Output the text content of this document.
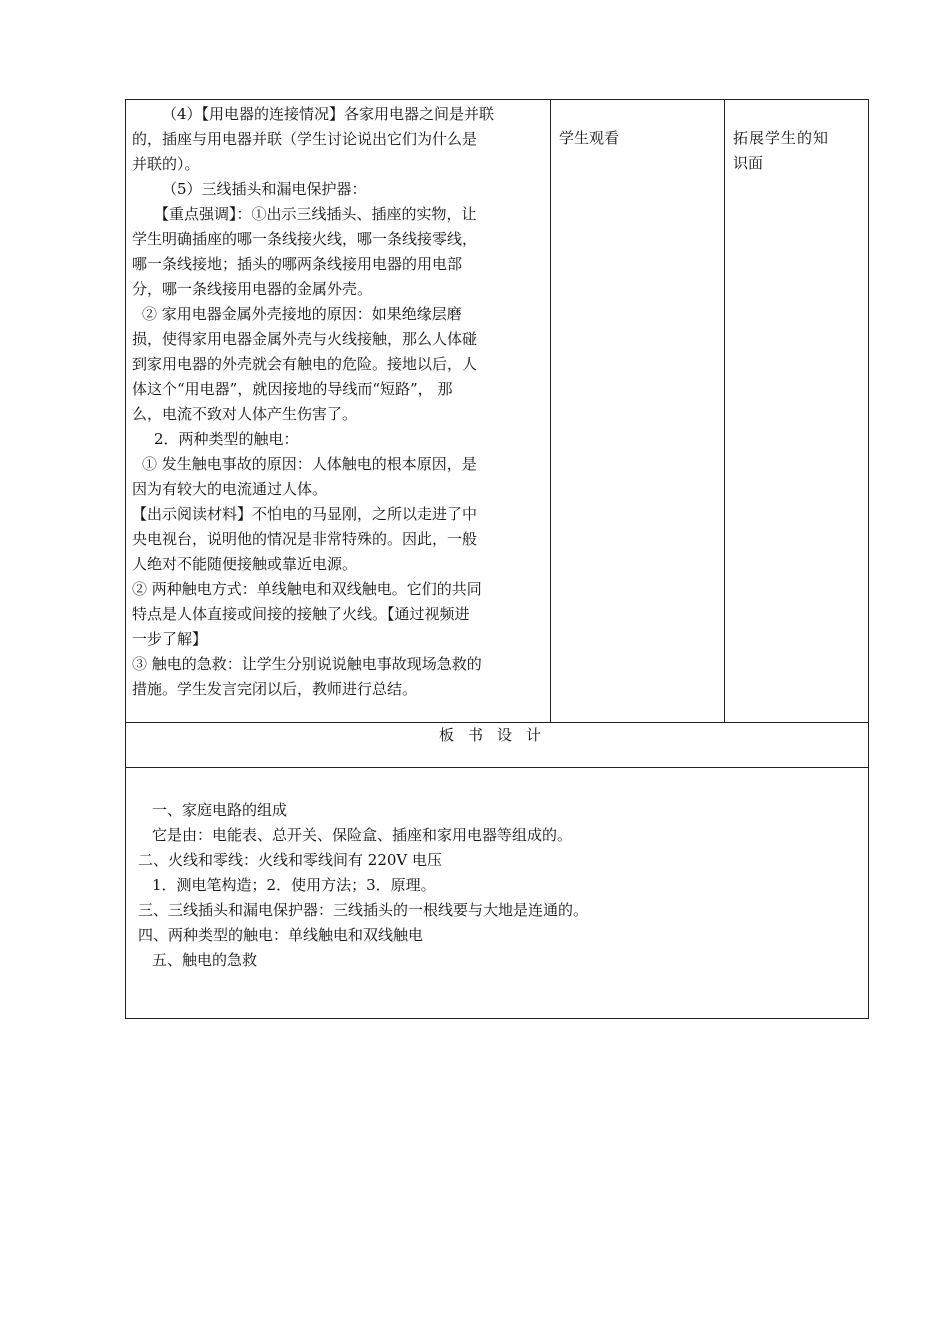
（4）【用电器的连接情况】各家用电器之间是并联
的，插座与用电器并联（学生讨论说出它们为什么是
并联的）。
（5）三线插头和漏电保护器：
【重点强调】：①出示三线插头、插座的实物，让
学生明确插座的哪一条线接火线，哪一条线接零线，
哪一条线接地；插头的哪两条线接用电器的用电部
分，哪一条线接用电器的金属外壳。
② 家用电器金属外壳接地的原因：如果绝缘层磨
损，使得家用电器金属外壳与火线接触，那么人体碰
到家用电器的外壳就会有触电的危险。接地以后，人
体这个“用电器”，就因接地的导线而“短路”， 那
么，电流不致对人体产生伤害了。
2．两种类型的触电：
① 发生触电事故的原因：人体触电的根本原因，是
因为有较大的电流通过人体。
【出示阅读材料】不怕电的马显刚，之所以走进了中
央电视台，说明他的情况是非常特殊的。因此，一般
人绝对不能随便接触或靠近电源。
② 两种触电方式：单线触电和双线触电。它们的共同
特点是人体直接或间接的接触了火线。【通过视频进
一步了解】
③ 触电的急救：让学生分别说说触电事故现场急救的
措施。学生发言完闭以后，教师进行总结。

学生观看	拓展学生的知
识面

板书设计

一、家庭电路的组成
它是由：电能表、总开关、保险盒、插座和家用电器等组成的。
二、火线和零线：火线和零线间有 220V 电压
1．测电笔构造；2．使用方法；3．原理。
三、三线插头和漏电保护器：三线插头的一根线要与大地是连通的。
四、两种类型的触电：单线触电和双线触电
五、触电的急救
